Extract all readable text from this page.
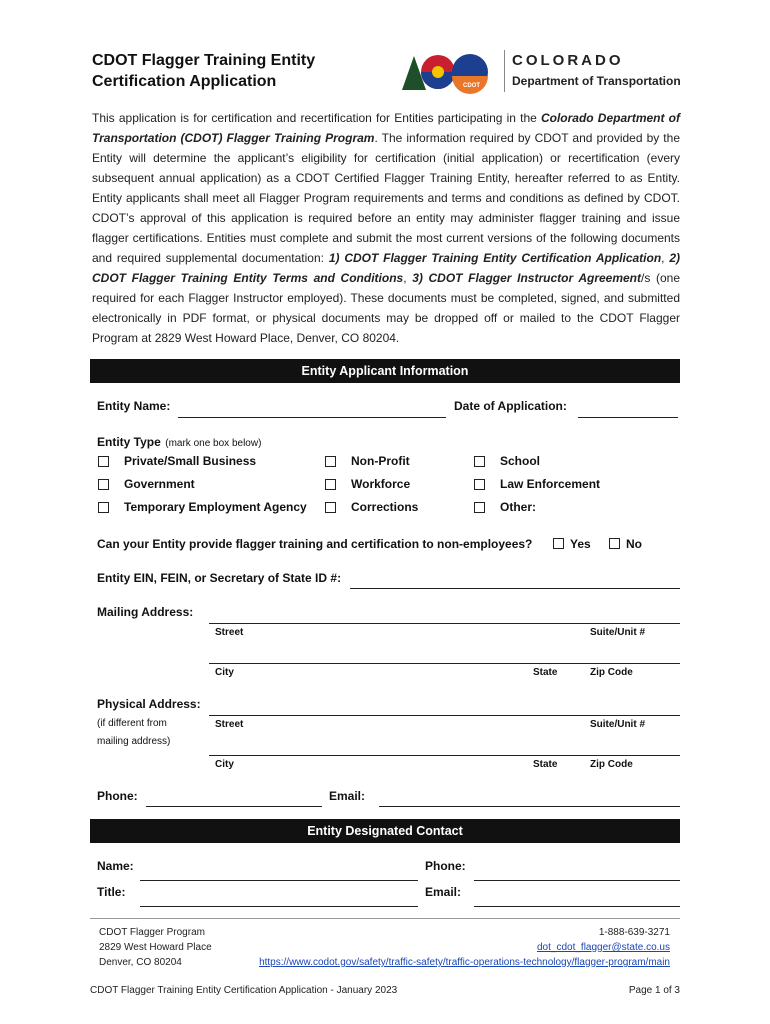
CDOT Flagger Training Entity
Certification Application	CDOT
COLORADO
Department of Transportation
This application is for certification and recertification for Entities participating in the Colorado Department of Transportation (CDOT) Flagger Training Program. The information required by CDOT and provided by the Entity will determine the applicant’s eligibility for certification (initial application) or recertification (every subsequent annual application) as a CDOT Certified Flagger Training Entity, hereafter referred to as Entity. Entity applicants shall meet all Flagger Program requirements and terms and conditions as defined by CDOT. CDOT’s approval of this application is required before an entity may administer flagger training and issue flagger certifications. Entities must complete and submit the most current versions of the following documents and required supplemental documentation: 1) CDOT Flagger Training Entity Certification Application, 2) CDOT Flagger Training Entity Terms and Conditions, 3) CDOT Flagger Instructor Agreement/s (one required for each Flagger Instructor employed). These documents must be completed, signed, and submitted electronically in PDF format, or physical documents may be dropped off or mailed to the CDOT Flagger Program at 2829 West Howard Place, Denver, CO 80204.
Entity Applicant Information
Entity Name:	Date of Application:
Entity Type (mark one box below)
Private/Small Business	Non-Profit	School
Government	Workforce	Law Enforcement
Temporary Employment Agency	Corrections	Other:
Can your Entity provide flagger training and certification to non-employees?	Yes	No
Entity EIN, FEIN, or Secretary of State ID #:
Mailing Address:
Street	Suite/Unit #
City	State	Zip Code
Physical Address:
(if different from
mailing address)
Street	Suite/Unit #
City	State	Zip Code
Phone:	Email:
Entity Designated Contact
Name:	Phone:
Title:	Email:
CDOT Flagger Program
2829 West Howard Place
Denver, CO 80204
1-888-639-3271
dot_cdot_flagger@state.co.us
https://www.codot.gov/safety/traffic-safety/traffic-operations-technology/flagger-program/main
CDOT Flagger Training Entity Certification Application - January 2023	Page 1 of 3
